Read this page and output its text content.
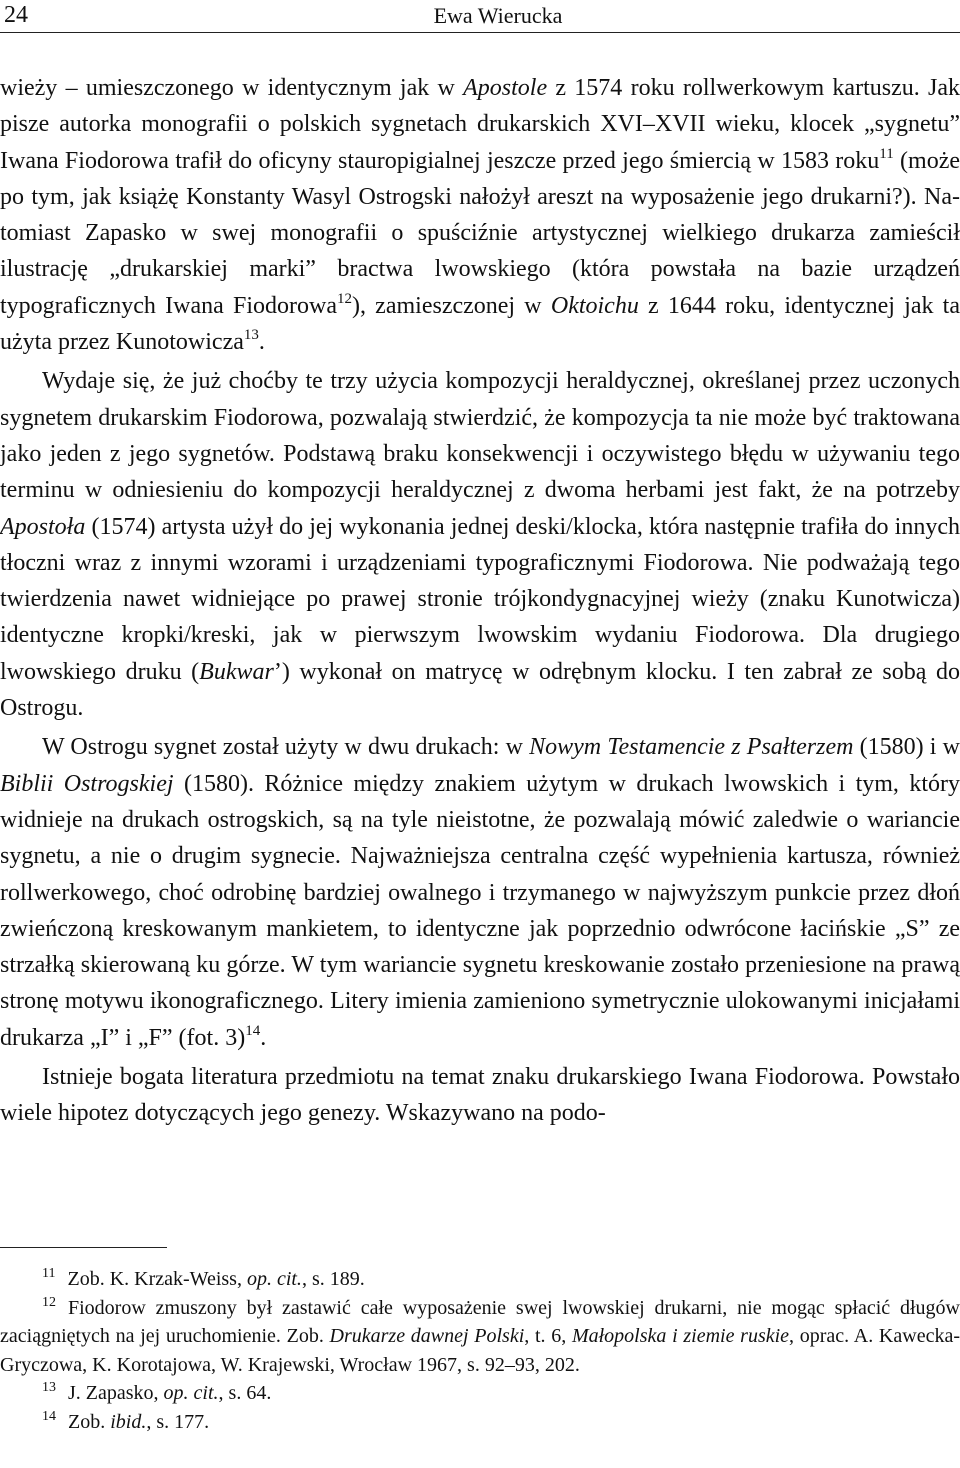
24	Ewa Wierucka

wieży – umieszczonego w identycznym jak w Apostole z 1574 roku rollwerkowym kartuszu. Jak pisze autorka monografii o polskich sygnetach drukarskich XVI–XVII wieku, klocek „sygnetu” Iwana Fiodorowa trafił do oficyny stauropigialnej jeszcze przed jego śmiercią w 1583 roku$^{11}$ (może po tym, jak książę Konstanty Wasyl Ostrogski nałożył areszt na wyposażenie jego drukarni?). Natomiast Zapasko w swej monografii o spuściźnie artystycznej wielkiego drukarza zamieścił ilustrację „drukarskiej marki” bractwa lwowskiego (która powstała na bazie urządzeń typograficznych Iwana Fiodorowa$^{12}$), zamieszczonej w Oktoichu z 1644 roku, identycznej jak ta użyta przez Kunotowicza$^{13}$.

Wydaje się, że już choćby te trzy użycia kompozycji heraldycznej, określanej przez uczonych sygnetem drukarskim Fiodorowa, pozwalają stwierdzić, że kompozycja ta nie może być traktowana jako jeden z jego sygnetów. Podstawą braku konsekwencji i oczywistego błędu w używaniu tego terminu w odniesieniu do kompozycji heraldycznej z dwoma herbami jest fakt, że na potrzeby Apostoła (1574) artysta użył do jej wykonania jednej deski/klocka, która następnie trafiła do innych tłoczni wraz z innymi wzorami i urządzeniami typograficznymi Fiodorowa. Nie podważają tego twierdzenia nawet widniejące po prawej stronie trójkondygnacyjnej wieży (znaku Kunotwicza) identyczne kropki/kreski, jak w pierwszym lwowskim wydaniu Fiodorowa. Dla drugiego lwowskiego druku (Bukwar’) wykonał on matrycę w odrębnym klocku. I ten zabrał ze sobą do Ostrogu.

W Ostrogu sygnet został użyty w dwu drukach: w Nowym Testamencie z Psałterzem (1580) i w Biblii Ostrogskiej (1580). Różnice między znakiem użytym w drukach lwowskich i tym, który widnieje na drukach ostrogskich, są na tyle nieistotne, że pozwalają mówić zaledwie o wariancie sygnetu, a nie o drugim sygnecie. Najważniejsza centralna część wypełnienia kartusza, również rollwerkowego, choć odrobinę bardziej owalnego i trzymanego w najwyższym punkcie przez dłoń zwieńczoną kreskowanym mankietem, to identyczne jak poprzednio odwrócone łacińskie „S” ze strzałką skierowaną ku górze. W tym wariancie sygnetu kreskowanie zostało przeniesione na prawą stronę motywu ikonograficznego. Litery imienia zamieniono symetrycznie ulokowanymi inicjałami drukarza „I” i „F” (fot. 3)$^{14}$.

Istnieje bogata literatura przedmiotu na temat znaku drukarskiego Iwana Fiodorowa. Powstało wiele hipotez dotyczących jego genezy. Wskazywano na podo-

$^{11}$ Zob. K. Krzak-Weiss, op. cit., s. 189.

$^{12}$ Fiodorow zmuszony był zastawić całe wyposażenie swej lwowskiej drukarni, nie mogąc spłacić długów zaciągniętych na jej uruchomienie. Zob. Drukarze dawnej Polski, t. 6, Małopolska i ziemie ruskie, oprac. A. Kawecka-Gryczowa, K. Korotajowa, W. Krajewski, Wrocław 1967, s. 92–93, 202.

$^{13}$ J. Zapasko, op. cit., s. 64.

$^{14}$ Zob. ibid., s. 177.
